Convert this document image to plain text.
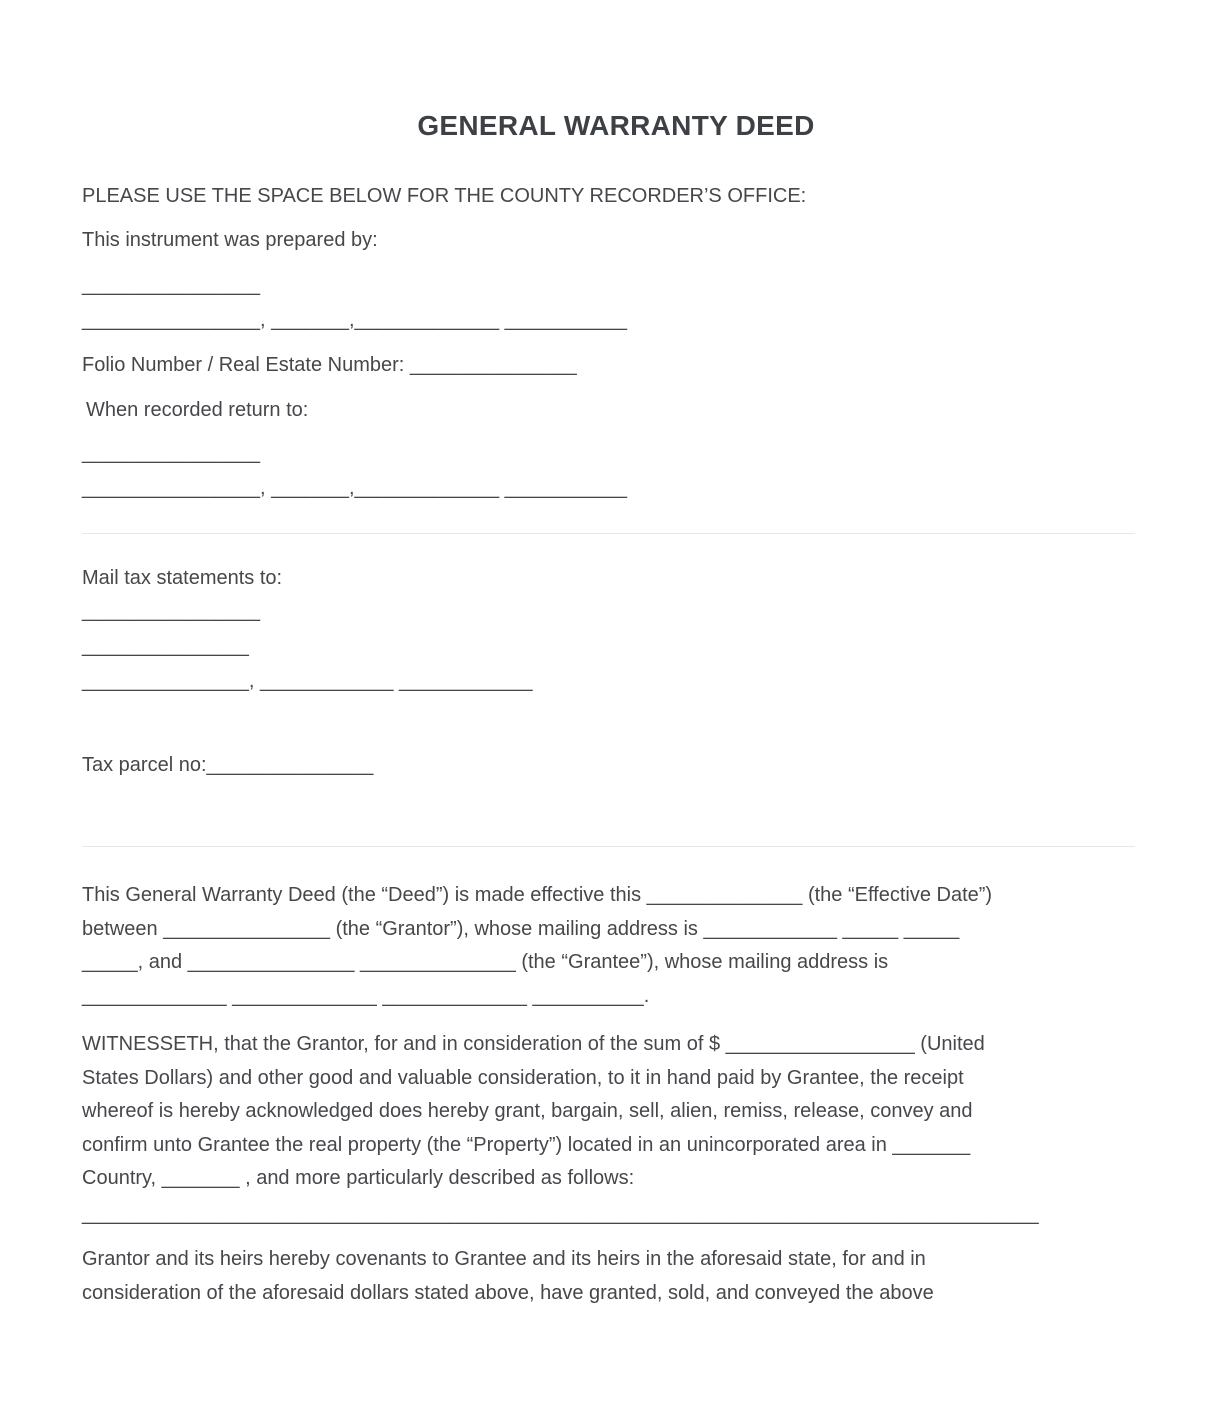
GENERAL WARRANTY DEED

PLEASE USE THE SPACE BELOW FOR THE COUNTY RECORDER’S OFFICE:

This instrument was prepared by:

________________

________________, _______,_____________ ___________

Folio Number / Real Estate Number: _______________

When recorded return to:

________________

________________, _______,_____________ ___________

Mail tax statements to:

________________

_______________

_______________, ____________ ____________

Tax parcel no:_______________

This General Warranty Deed (the “Deed”) is made effective this ______________ (the “Effective Date”)
between _______________ (the “Grantor”), whose mailing address is ____________ _____ _____
_____, and _______________ ______________ (the “Grantee”), whose mailing address is
_____________ _____________ _____________ __________.
WITNESSETH, that the Grantor, for and in consideration of the sum of $ _________________ (United
States Dollars) and other good and valuable consideration, to it in hand paid by Grantee, the receipt
whereof is hereby acknowledged does hereby grant, bargain, sell, alien, remiss, release, convey and
confirm unto Grantee the real property (the “Property”) located in an unincorporated area in _______
Country, _______ , and more particularly described as follows:

______________________________________________________________________________________

Grantor and its heirs hereby covenants to Grantee and its heirs in the aforesaid state, for and in
consideration of the aforesaid dollars stated above, have granted, sold, and conveyed the above
